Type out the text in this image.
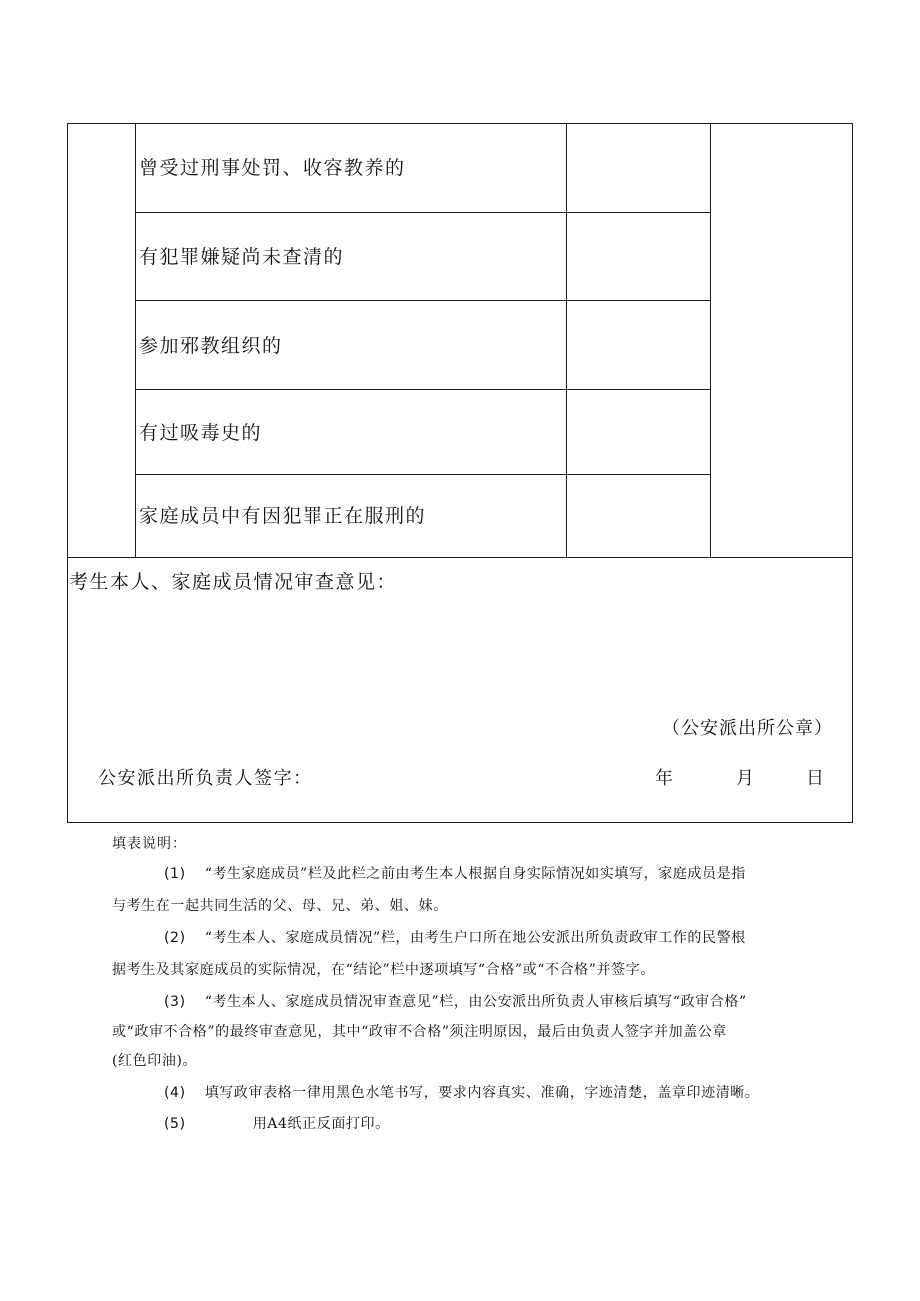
曾受过刑事处罚、收容教养的
有犯罪嫌疑尚未查清的
参加邪教组织的
有过吸毒史的
家庭成员中有因犯罪正在服刑的
考生本人、家庭成员情况审查意见：
（公安派出所公章）
公安派出所负责人签字：	年	月	日
填表说明：
(1) “考生家庭成员”栏及此栏之前由考生本人根据自身实际情况如实填写，家庭成员是指
与考生在一起共同生活的父、母、兄、弟、姐、妹。
(2) “考生本人、家庭成员情况”栏，由考生户口所在地公安派出所负责政审工作的民警根
据考生及其家庭成员的实际情况，在“结论”栏中逐项填写“合格”或“不合格”并签字。
(3) “考生本人、家庭成员情况审查意见”栏，由公安派出所负责人审核后填写“政审合格”
或“政审不合格”的最终审查意见，其中“政审不合格”须注明原因，最后由负责人签字并加盖公章
(红色印油)。
(4) 填写政审表格一律用黑色水笔书写，要求内容真实、准确，字迹清楚，盖章印迹清晰。
(5)	用A4纸正反面打印。
